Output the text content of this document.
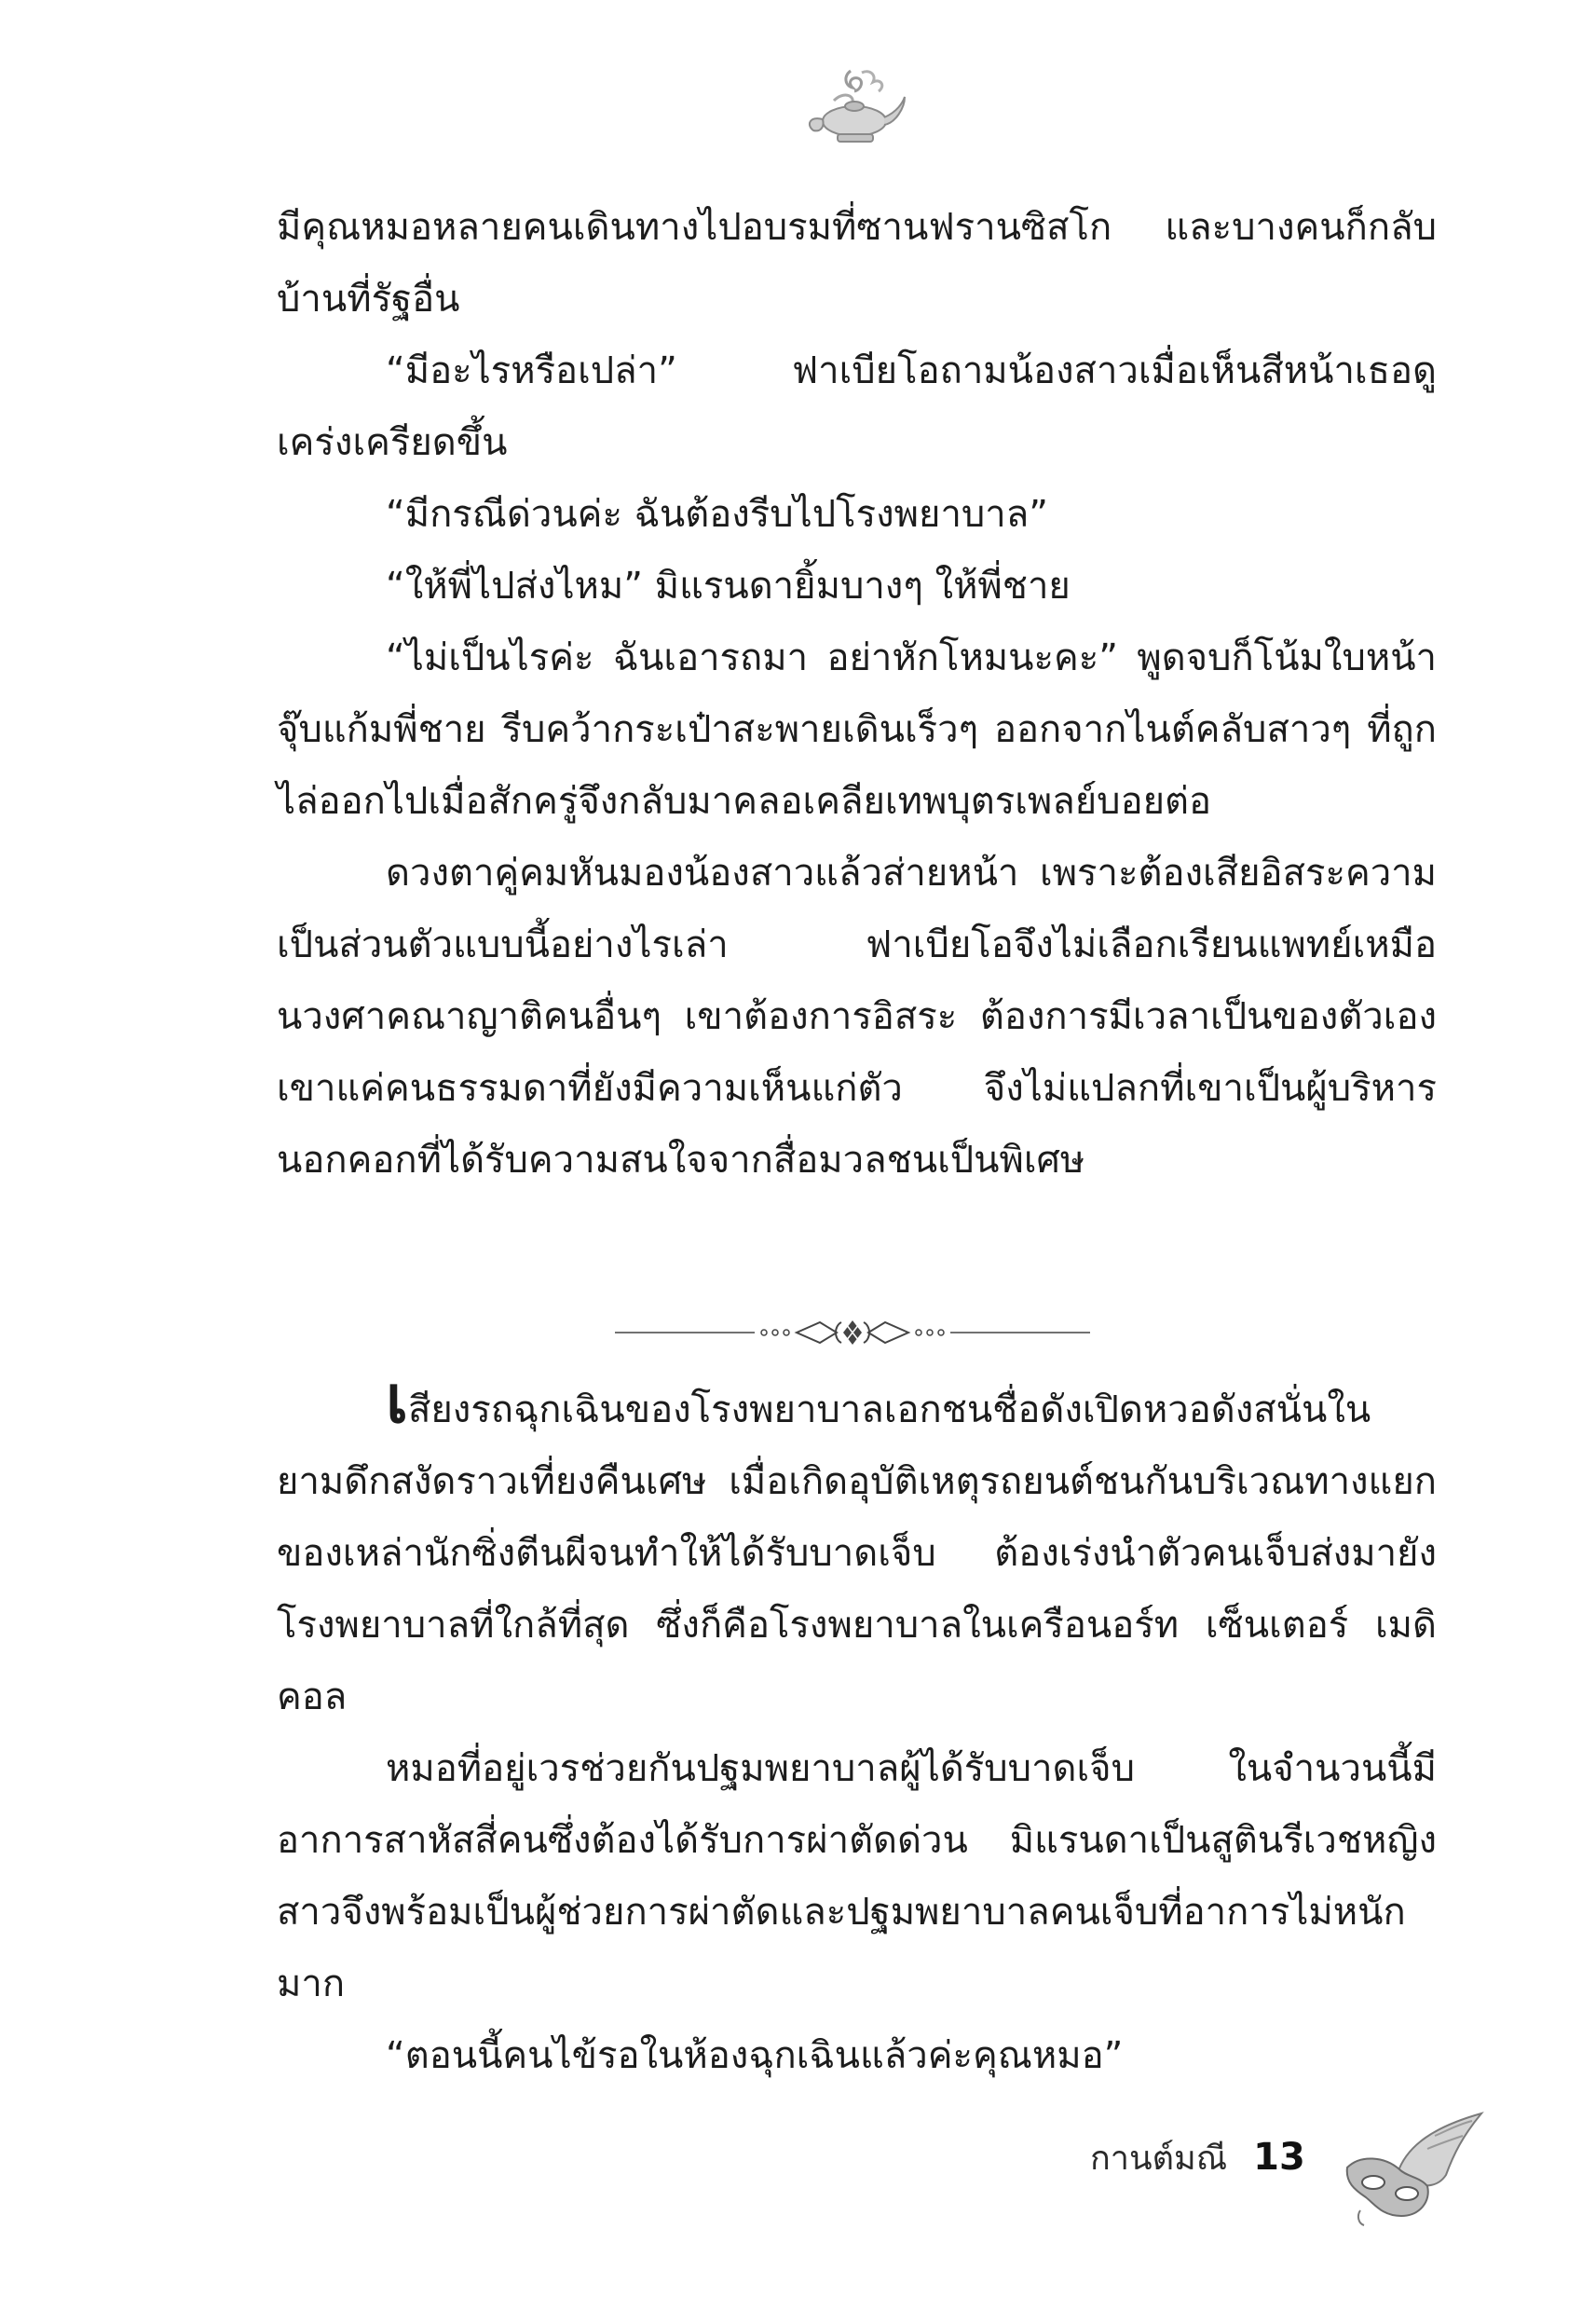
มีคุณหมอหลายคนเดินทางไปอบรมที่ซานฟรานซิสโก และบางคนก็กลับบ้านที่รัฐอื่น

“มีอะไรหรือเปล่า” ฟาเบียโอถามน้องสาวเมื่อเห็นสีหน้าเธอดูเคร่งเครียดขึ้น

“มีกรณีด่วนค่ะ ฉันต้องรีบไปโรงพยาบาล”

“ให้พี่ไปส่งไหม” มิแรนดายิ้มบางๆ ให้พี่ชาย

“ไม่เป็นไรค่ะ ฉันเอารถมา อย่าหักโหมนะคะ” พูดจบก็โน้มใบหน้าจุ๊บแก้มพี่ชาย รีบคว้ากระเป๋าสะพายเดินเร็วๆ ออกจากไนต์คลับสาวๆ ที่ถูกไล่ออกไปเมื่อสักครู่จึงกลับมาคลอเคลียเทพบุตรเพลย์บอยต่อ

ดวงตาคู่คมหันมองน้องสาวแล้วส่ายหน้า เพราะต้องเสียอิสระความเป็นส่วนตัวแบบนี้อย่างไรเล่า ฟาเบียโอจึงไม่เลือกเรียนแพทย์เหมือนวงศาคณาญาติคนอื่นๆ เขาต้องการอิสระ ต้องการมีเวลาเป็นของตัวเอง เขาแค่คนธรรมดาที่ยังมีความเห็นแก่ตัว จึงไม่แปลกที่เขาเป็นผู้บริหารนอกคอกที่ได้รับความสนใจจากสื่อมวลชนเป็นพิเศษ

เสียงรถฉุกเฉินของโรงพยาบาลเอกชนชื่อดังเปิดหวอดังสนั่นในยามดึกสงัดราวเที่ยงคืนเศษ เมื่อเกิดอุบัติเหตุรถยนต์ชนกันบริเวณทางแยกของเหล่านักซิ่งตีนผีจนทำให้ได้รับบาดเจ็บ ต้องเร่งนำตัวคนเจ็บส่งมายังโรงพยาบาลที่ใกล้ที่สุด ซึ่งก็คือโรงพยาบาลในเครือนอร์ท เซ็นเตอร์ เมดิคอล

หมอที่อยู่เวรช่วยกันปฐมพยาบาลผู้ได้รับบาดเจ็บ ในจำนวนนี้มีอาการสาหัสสี่คนซึ่งต้องได้รับการผ่าตัดด่วน มิแรนดาเป็นสูตินรีเวชหญิงสาวจึงพร้อมเป็นผู้ช่วยการผ่าตัดและปฐมพยาบาลคนเจ็บที่อาการไม่หนักมาก

“ตอนนี้คนไข้รอในห้องฉุกเฉินแล้วค่ะคุณหมอ”

กานต์มณี 13
